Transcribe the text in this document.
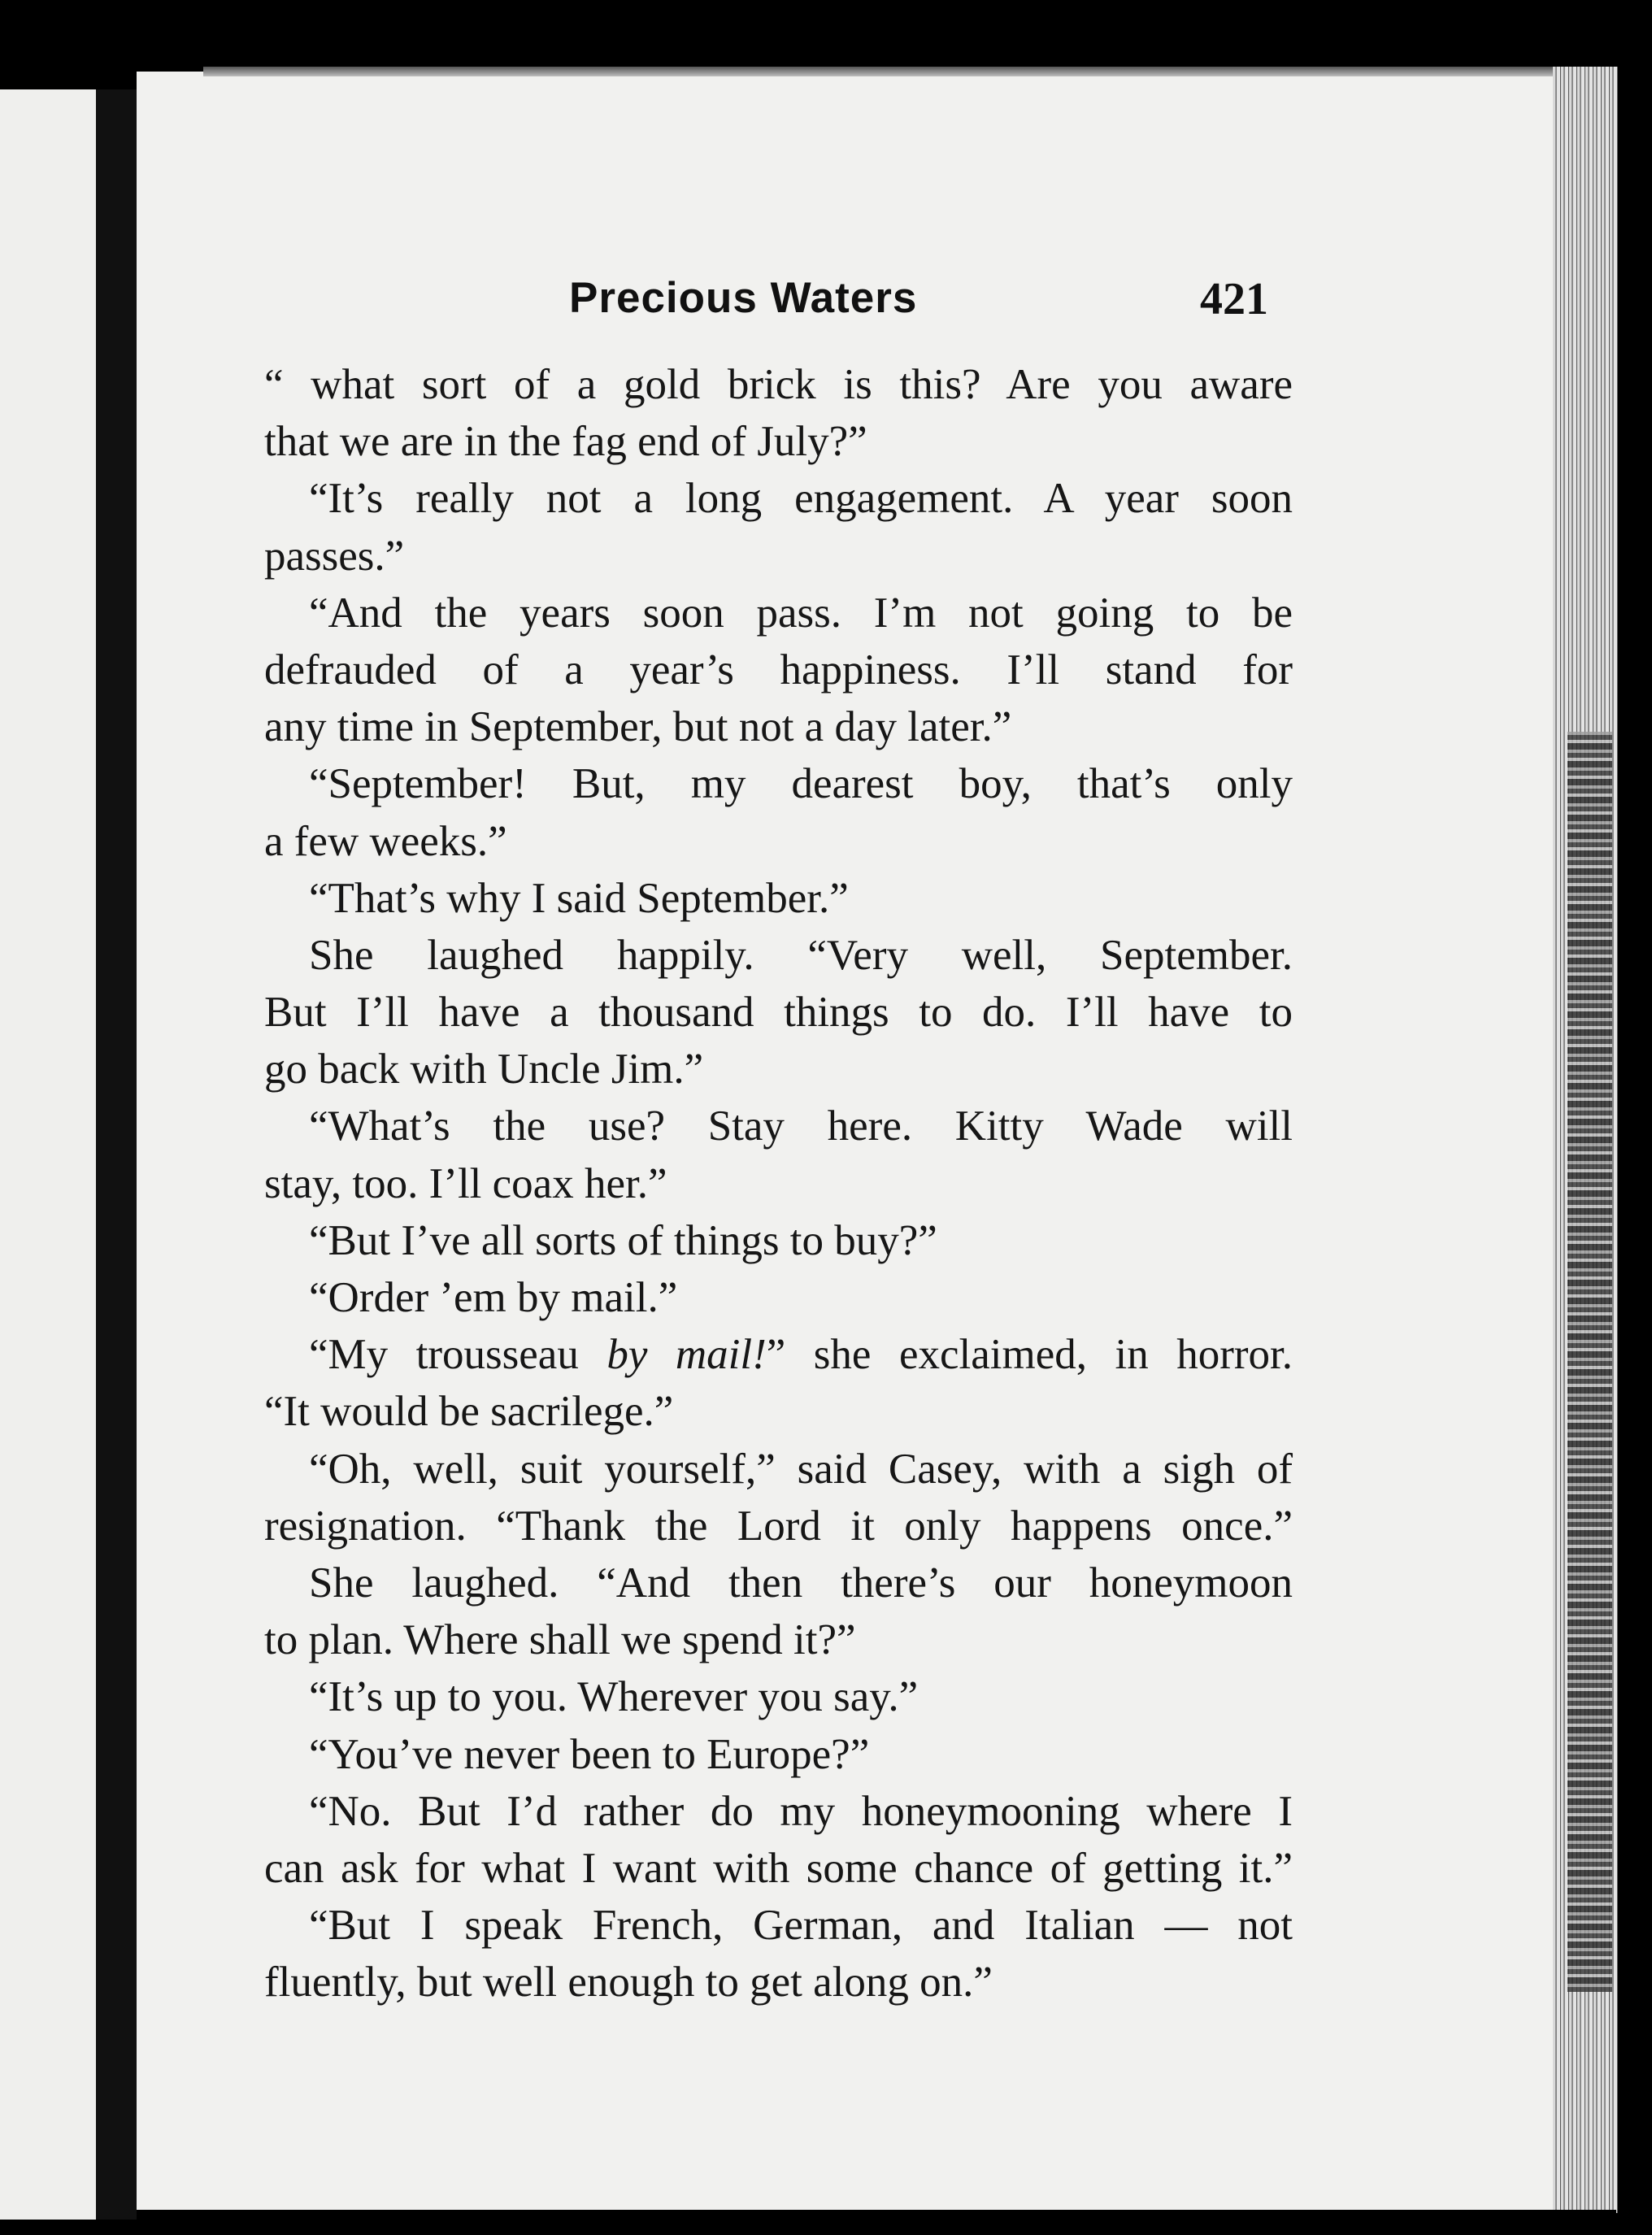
Precious Waters	421
“ what sort of a gold brick is this? Are you aware
that we are in the fag end of July?”
“It’s really not a long engagement. A year soon
passes.”
“And the years soon pass. I’m not going to be
defrauded of a year’s happiness. I’ll stand for
any time in September, but not a day later.”
“September! But, my dearest boy, that’s only
a few weeks.”
“That’s why I said September.”
She laughed happily. “Very well, September.
But I’ll have a thousand things to do. I’ll have to
go back with Uncle Jim.”
“What’s the use? Stay here. Kitty Wade will
stay, too. I’ll coax her.”
“But I’ve all sorts of things to buy?”
“Order ’em by mail.”
“My trousseau by mail!” she exclaimed, in horror.
“It would be sacrilege.”
“Oh, well, suit yourself,” said Casey, with a sigh of
resignation. “Thank the Lord it only happens once.”
She laughed. “And then there’s our honeymoon
to plan. Where shall we spend it?”
“It’s up to you. Wherever you say.”
“You’ve never been to Europe?”
“No. But I’d rather do my honeymooning where I
can ask for what I want with some chance of getting it.”
“But I speak French, German, and Italian — not
fluently, but well enough to get along on.”
